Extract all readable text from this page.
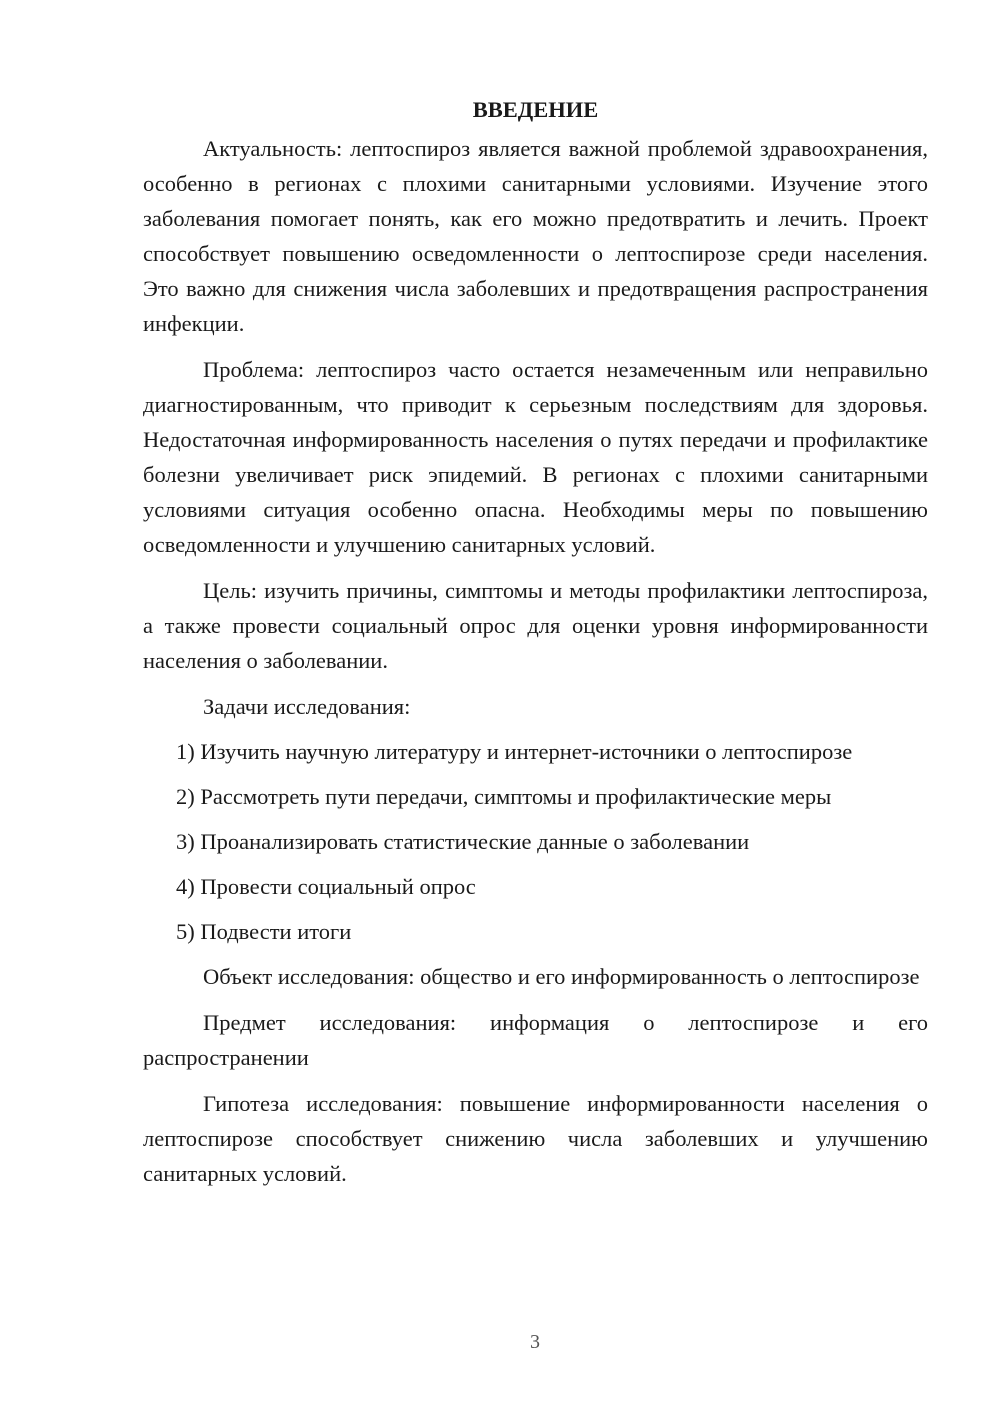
ВВЕДЕНИЕ

Актуальность: лептоспироз является важной проблемой здравоохранения, особенно в регионах с плохими санитарными условиями. Изучение этого заболевания помогает понять, как его можно предотвратить и лечить. Проект способствует повышению осведомленности о лептоспирозе среди населения. Это важно для снижения числа заболевших и предотвращения распространения инфекции.

Проблема: лептоспироз часто остается незамеченным или неправильно диагностированным, что приводит к серьезным последствиям для здоровья. Недостаточная информированность населения о путях передачи и профилактике болезни увеличивает риск эпидемий. В регионах с плохими санитарными условиями ситуация особенно опасна. Необходимы меры по повышению осведомленности и улучшению санитарных условий.

Цель: изучить причины, симптомы и методы профилактики лептоспироза, а также провести социальный опрос для оценки уровня информированности населения о заболевании.

Задачи исследования:

1) Изучить научную литературу и интернет-источники о лептоспирозе
2) Рассмотреть пути передачи, симптомы и профилактические меры
3) Проанализировать статистические данные о заболевании
4) Провести социальный опрос
5) Подвести итоги

Объект исследования: общество и его информированность о лептоспирозе

Предмет исследования: информация о лептоспирозе и его распространении

Гипотеза исследования: повышение информированности населения о лептоспирозе способствует снижению числа заболевших и улучшению санитарных условий.

3
